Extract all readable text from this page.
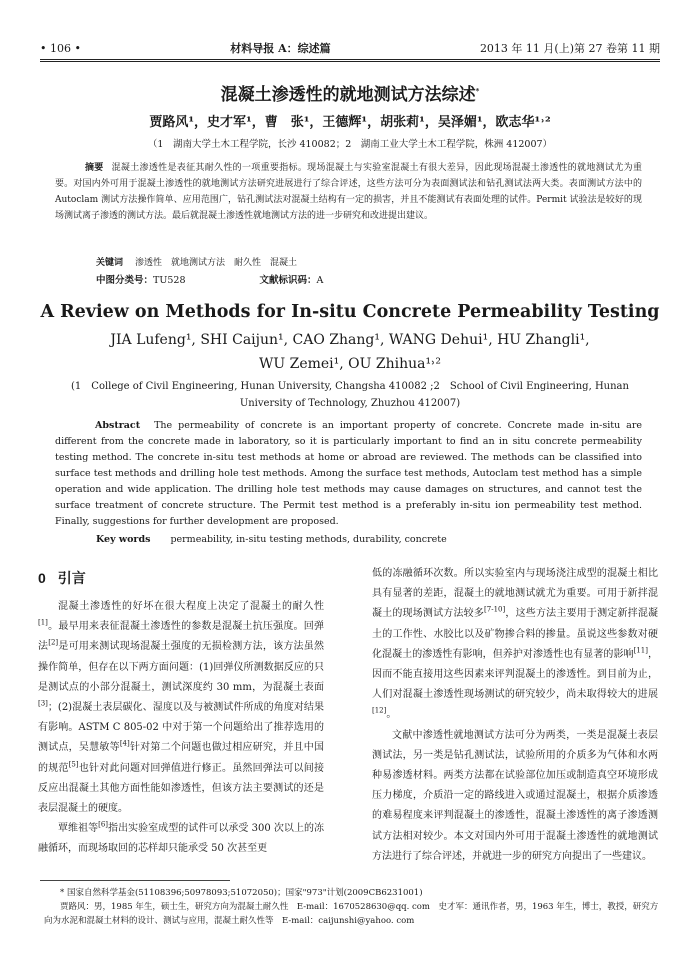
• 106 •	材料导报 A：综述篇	2013 年 11 月(上)第 27 卷第 11 期
混凝土渗透性的就地测试方法综述*
贾路风¹，史才军¹，曹　张¹，王德辉¹，胡张莉¹，吴泽媚¹，欧志华¹˒²
（1　湖南大学土木工程学院，长沙 410082；2　湖南工业大学土木工程学院，株洲 412007）
摘要 混凝土渗透性是表征其耐久性的一项重要指标。现场混凝土与实验室混凝土有很大差异，因此现场混凝土渗透性的就地测试尤为重要。对国内外可用于混凝土渗透性的就地测试方法研究进展进行了综合评述，这些方法可分为表面测试法和钻孔测试法两大类。表面测试方法中的 Autoclam 测试方法操作简单、应用范围广，钻孔测试法对混凝土结构有一定的损害，并且不能测试有表面处理的试件。Permit 试验法是较好的现场测试离子渗透的测试方法。最后就混凝土渗透性就地测试方法的进一步研究和改进提出建议。
关键词 渗透性　就地测试方法　耐久性　混凝土
中图分类号：TU528	文献标识码：A
A Review on Methods for In-situ Concrete Permeability Testing
JIA Lufeng¹, SHI Caijun¹, CAO Zhang¹, WANG Dehui¹, HU Zhangli¹,
WU Zemei¹, OU Zhihua¹˒²
(1　College of Civil Engineering, Hunan University, Changsha 410082 ;2　School of Civil Engineering, Hunan
University of Technology, Zhuzhou 412007)
Abstract The permeability of concrete is an important property of concrete. Concrete made in-situ are different from the concrete made in laboratory, so it is particularly important to find an in situ concrete permeability testing method. The concrete in-situ test methods at home or abroad are reviewed. The methods can be classified into surface test methods and drilling hole test methods. Among the surface test methods, Autoclam test method has a simple operation and wide application. The drilling hole test methods may cause damages on structures, and cannot test the surface treatment of concrete structure. The Permit test method is a preferably in-situ ion permeability test method. Finally, suggestions for further development are proposed.
Key words permeability, in-situ testing methods, durability, concrete
0 引言

混凝土渗透性的好坏在很大程度上决定了混凝土的耐久性[1]。最早用来表征混凝土渗透性的参数是混凝土抗压强度。回弹法[2]是可用来测试现场混凝土强度的无损检测方法，该方法虽然操作简单，但存在以下两方面问题：(1)回弹仪所测数据反应的只是测试点的小部分混凝土，测试深度约 30 mm，为混凝土表面[3]；(2)混凝土表层碳化、湿度以及与被测试件所成的角度对结果有影响。ASTM C 805-02 中对于第一个问题给出了推荐选用的测试点，吴慧敏等[4]针对第二个问题也做过相应研究，并且中国的规范[5]也针对此问题对回弹值进行修正。虽然回弹法可以间接反应出混凝土其他方面性能如渗透性，但该方法主要测试的还是表层混凝土的硬度。

覃维祖等[6]指出实验室成型的试件可以承受 300 次以上的冻融循环，而现场取回的芯样却只能承受 50 次甚至更

低的冻融循环次数。所以实验室内与现场浇注成型的混凝土相比具有显著的差距，混凝土的就地测试就尤为重要。可用于新拌混凝土的现场测试方法较多[7-10]，这些方法主要用于测定新拌混凝土的工作性、水胶比以及矿物掺合料的掺量。虽说这些参数对硬化混凝土的渗透性有影响，但养护对渗透性也有显著的影响[11]，因而不能直接用这些因素来评判混凝土的渗透性。到目前为止，人们对混凝土渗透性现场测试的研究较少，尚未取得较大的进展[12]。

文献中渗透性就地测试方法可分为两类，一类是混凝土表层测试法，另一类是钻孔测试法，试验所用的介质多为气体和水两种易渗透材料。两类方法都在试验部位加压或制造真空环境形成压力梯度，介质沿一定的路线进入或通过混凝土，根据介质渗透的难易程度来评判混凝土的渗透性，混凝土渗透性的离子渗透测试方法相对较少。本文对国内外可用于混凝土渗透性的就地测试方法进行了综合评述，并就进一步的研究方向提出了一些建议。

* 国家自然科学基金(51108396;50978093;51072050)；国家"973"计划(2009CB6231001)

贾路风：男，1985 年生，硕士生，研究方向为混凝土耐久性　E-mail：1670528630@qq. com　史才军：通讯作者，男，1963 年生，博士，教授，研究方向为水泥和混凝土材料的设计、测试与应用，混凝土耐久性等　E-mail：caijunshi@yahoo. com
